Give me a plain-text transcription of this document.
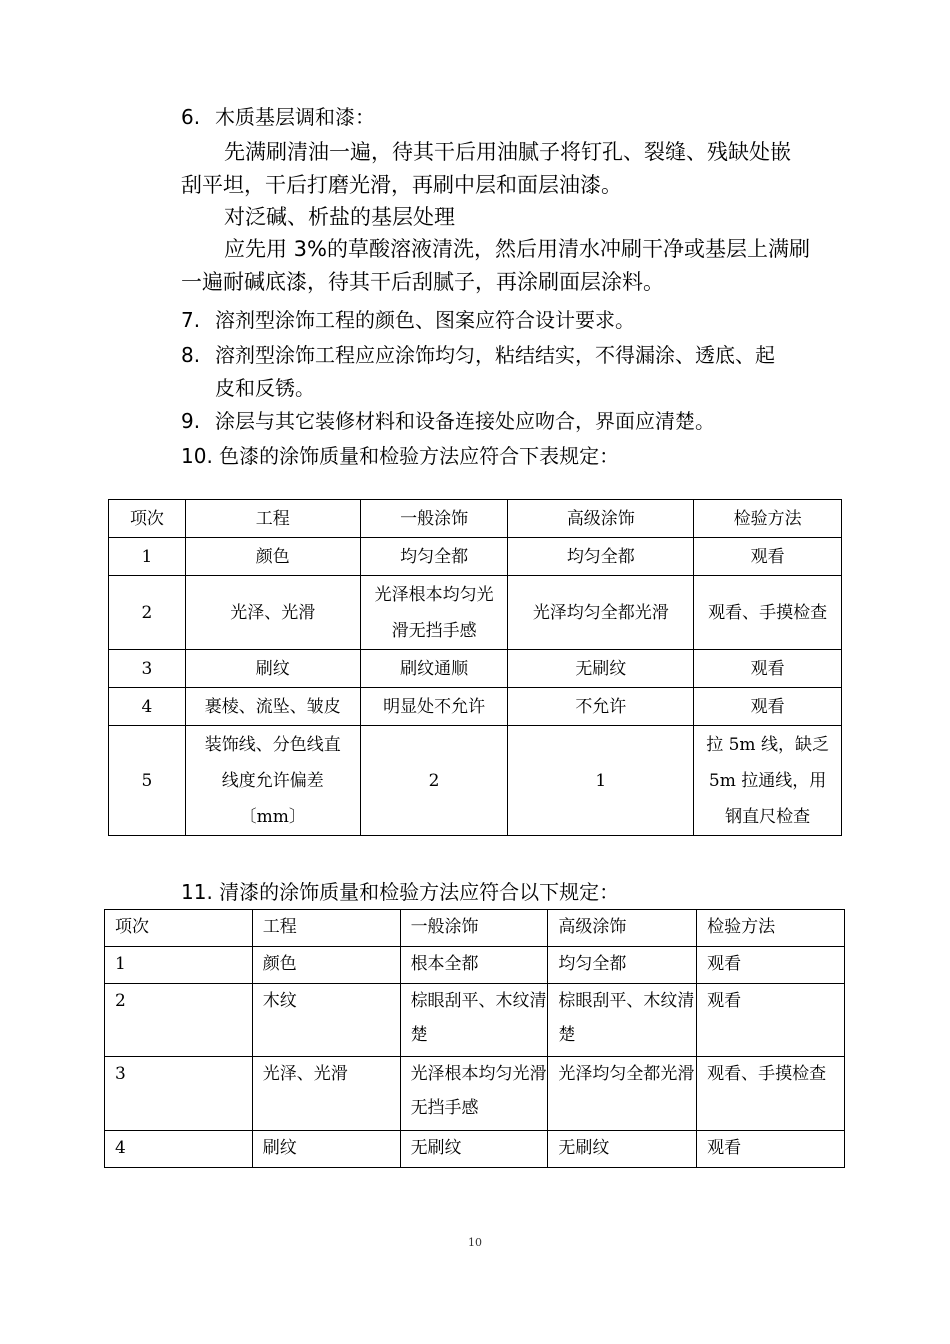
6. 木质基层调和漆：
先满刷清油一遍，待其干后用油腻子将钉孔、裂缝、残缺处嵌
刮平坦，干后打磨光滑，再刷中层和面层油漆。
对泛碱、析盐的基层处理
应先用 3%的草酸溶液清洗，然后用清水冲刷干净或基层上满刷
一遍耐碱底漆，待其干后刮腻子，再涂刷面层涂料。
7. 溶剂型涂饰工程的颜色、图案应符合设计要求。
8. 溶剂型涂饰工程应应涂饰均匀，粘结结实，不得漏涂、透底、起
皮和反锈。
9. 涂层与其它装修材料和设备连接处应吻合，界面应清楚。
10. 色漆的涂饰质量和检验方法应符合下表规定：
项次	工程	一般涂饰	高级涂饰	检验方法
1	颜色	均匀全都	均匀全都	观看
2	光泽、光滑	光泽根本均匀光滑无挡手感	光泽均匀全都光滑	观看、手摸检查
3	刷纹	刷纹通顺	无刷纹	观看
4	裹棱、流坠、皱皮	明显处不允许	不允许	观看
5	装饰线、分色线直线度允许偏差〔mm〕	2	1	拉 5m 线，缺乏 5m 拉通线，用钢直尺检查
11. 清漆的涂饰质量和检验方法应符合以下规定：
项次	工程	一般涂饰	高级涂饰	检验方法
1	颜色	根本全都	均匀全都	观看
2	木纹	棕眼刮平、木纹清楚	棕眼刮平、木纹清楚	观看
3	光泽、光滑	光泽根本均匀光滑无挡手感	光泽均匀全都光滑	观看、手摸检查
4	刷纹	无刷纹	无刷纹	观看
10
